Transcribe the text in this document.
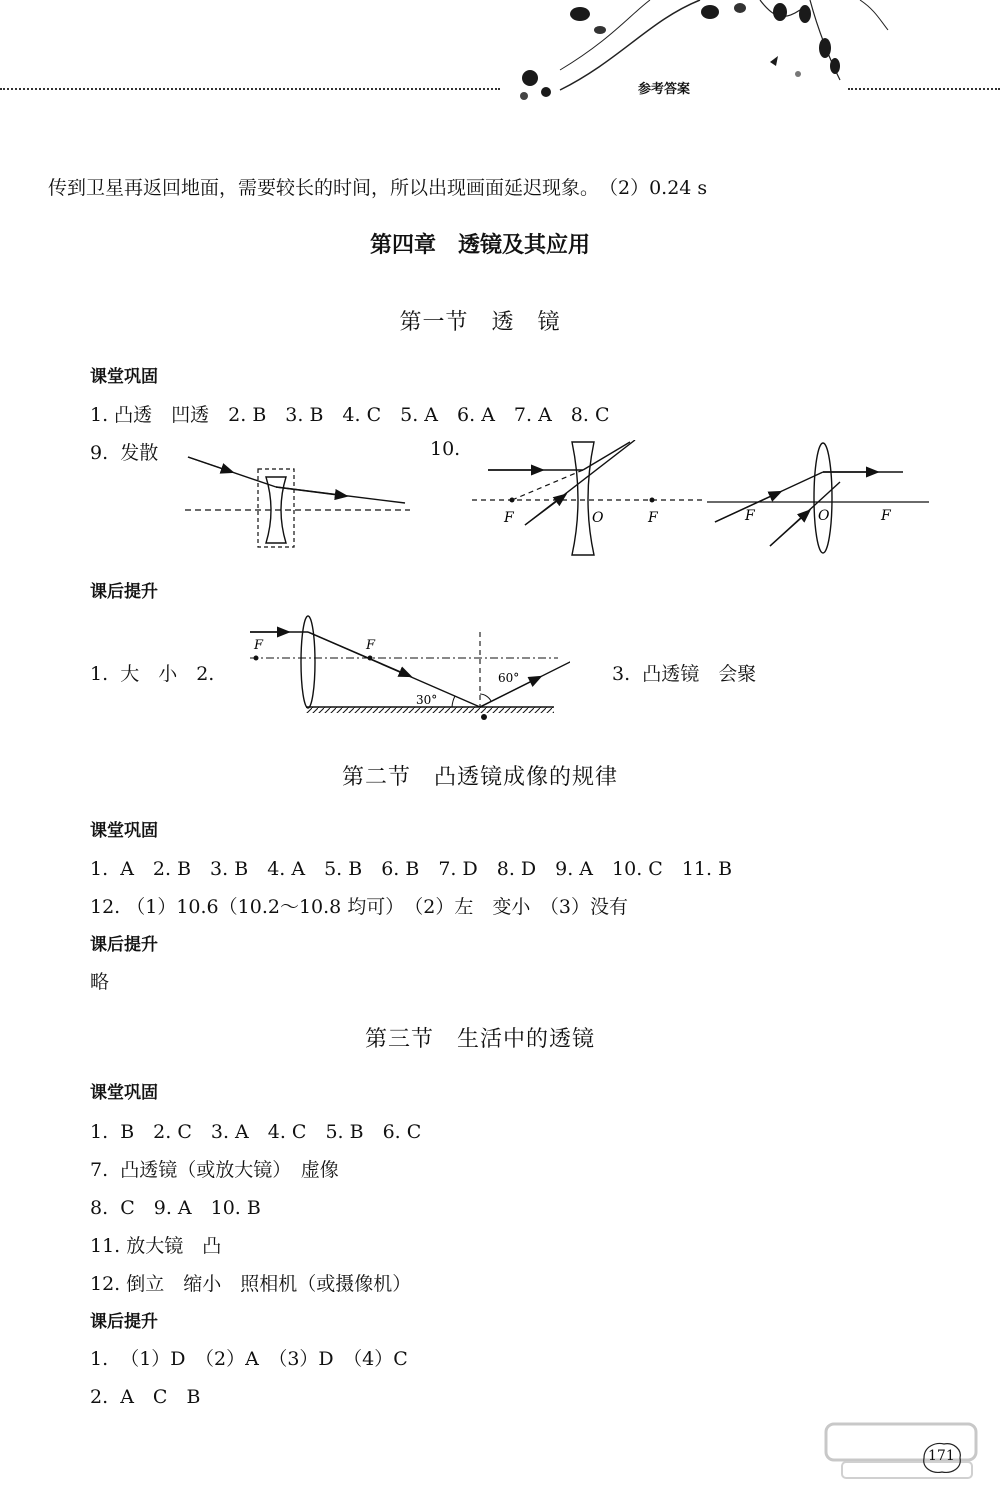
参考答案
传到卫星再返回地面，需要较长的时间，所以出现画面延迟现象。　（2）0.24 s
第四章　透镜及其应用
第一节　透　镜
课堂巩固
1. 凸透　凹透　2. B　3. B　4. C　5. A　6. A　7. A　8. C
9.  发散	10.
F	O	F	F	O	F
课后提升
1.  大　小　2.
F	F
30°
60°	3.  凸透镜　会聚
第二节　凸透镜成像的规律
课堂巩固
1.  A　2. B　3. B　4. A　5. B　6. B　7. D　8. D　9. A　10. C　11. B
12. （1）10.6（10.2～10.8 均可）　（2）左　变小　（3）没有
课后提升
略
第三节　生活中的透镜
课堂巩固
1.  B　2. C　3. A　4. C　5. B　6. C
7.  凸透镜（或放大镜）　虚像
8.  C　9. A　10. B
11. 放大镜　凸
12. 倒立　缩小　照相机（或摄像机）
课后提升
1.  （1）D　（2）A　（3）D　（4）C
2.  A　C　B
171
